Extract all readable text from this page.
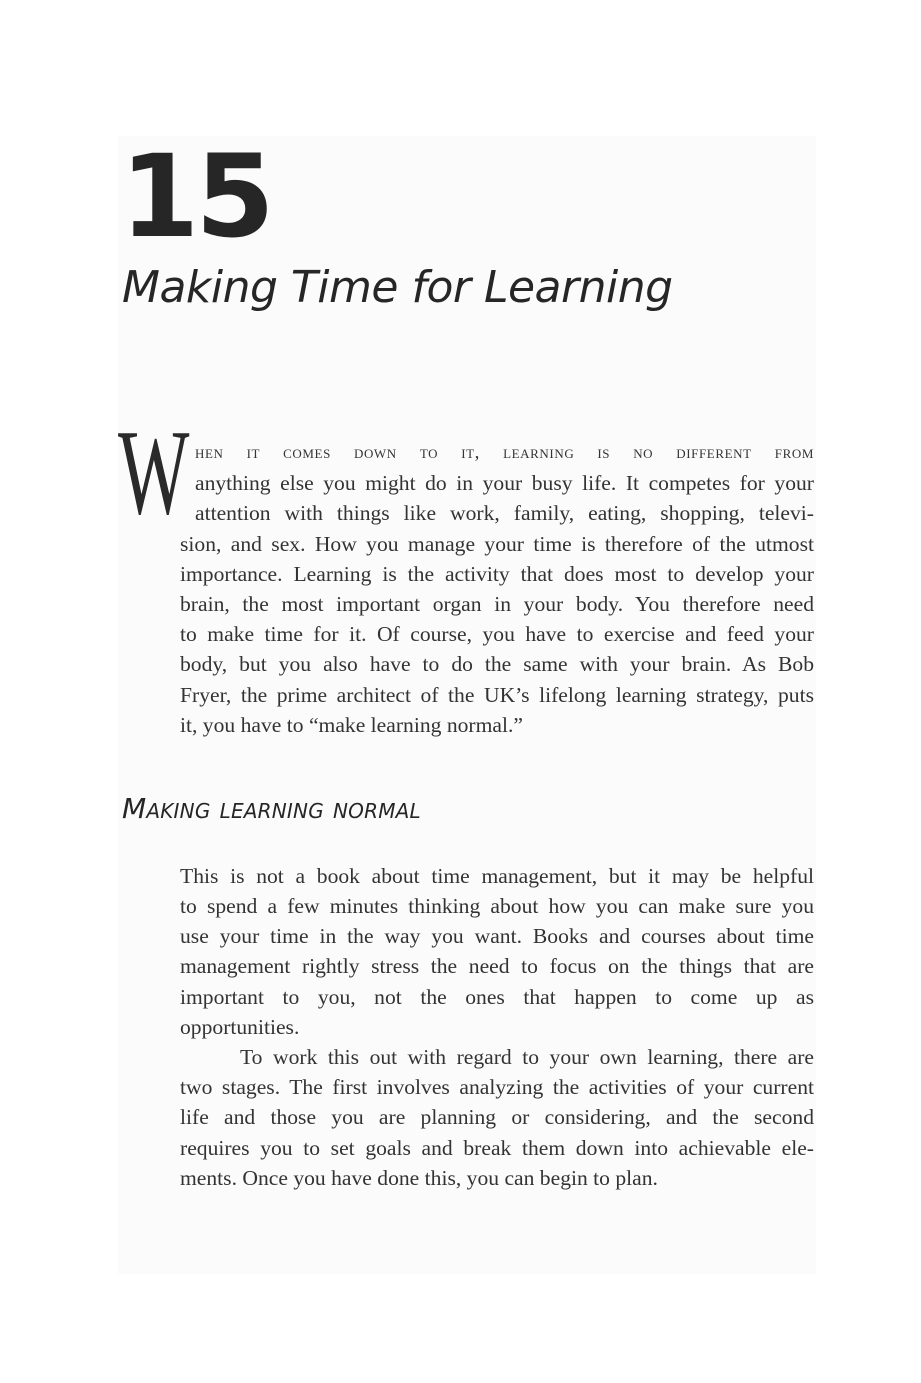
15
Making Time for Learning
W hen it comes down to it, learning is no different from
anything else you might do in your busy life. It competes for your
attention with things like work, family, eating, shopping, televi-
sion, and sex. How you manage your time is therefore of the utmost
importance. Learning is the activity that does most to develop your
brain, the most important organ in your body. You therefore need
to make time for it. Of course, you have to exercise and feed your
body, but you also have to do the same with your brain. As Bob
Fryer, the prime architect of the UK’s lifelong learning strategy, puts
it, you have to “make learning normal.”
Making learning normal
This is not a book about time management, but it may be helpful
to spend a few minutes thinking about how you can make sure you
use your time in the way you want. Books and courses about time
management rightly stress the need to focus on the things that are
important to you, not the ones that happen to come up as
opportunities.
To work this out with regard to your own learning, there are
two stages. The first involves analyzing the activities of your current
life and those you are planning or considering, and the second
requires you to set goals and break them down into achievable ele-
ments. Once you have done this, you can begin to plan.
